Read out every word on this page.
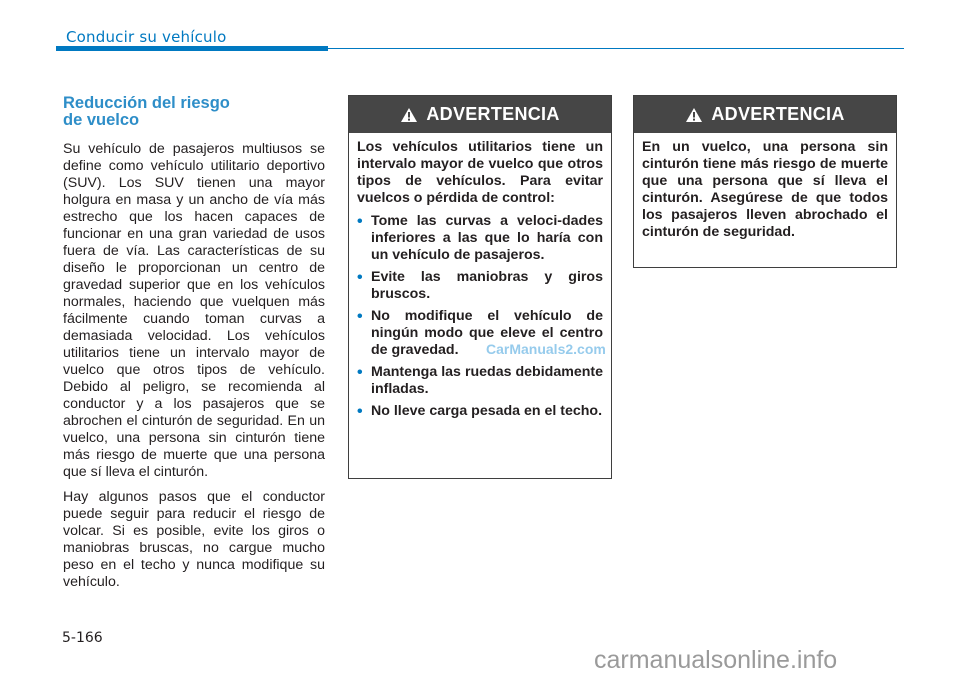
Conducir su vehículo
Reducción del riesgo
de vuelco

Su vehículo de pasajeros multiusos se define como vehículo utilitario deportivo (SUV). Los SUV tienen una mayor holgura en masa y un ancho de vía más estrecho que los hacen capaces de funcionar en una gran variedad de usos fuera de vía. Las características de su diseño le proporcionan un centro de gravedad superior que en los vehículos normales, haciendo que vuelquen más fácilmente cuando toman curvas a demasiada velocidad. Los vehículos utilitarios tiene un intervalo mayor de vuelco que otros tipos de vehículo. Debido al peligro, se recomienda al conductor y a los pasajeros que se abrochen el cinturón de seguridad. En un vuelco, una persona sin cinturón tiene más riesgo de muerte que una persona que sí lleva el cinturón.

Hay algunos pasos que el conductor puede seguir para reducir el riesgo de volcar. Si es posible, evite los giros o maniobras bruscas, no cargue mucho peso en el techo y nunca modifique su vehículo.

ADVERTENCIA

Los vehículos utilitarios tiene un intervalo mayor de vuelco que otros tipos de vehículos. Para evitar vuelcos o pérdida de control:

• Tome las curvas a veloci-dades inferiores a las que lo haría con un vehículo de pasajeros.
• Evite las maniobras y giros bruscos.
• No modifique el vehículo de ningún modo que eleve el centro de gravedad.
• Mantenga las ruedas debidamente infladas.
• No lleve carga pesada en el techo.
ADVERTENCIA

En un vuelco, una persona sin cinturón tiene más riesgo de muerte que una persona que sí lleva el cinturón. Asegúrese de que todos los pasajeros lleven abrochado el cinturón de seguridad.

CarManuals2.com
5-166
carmanualsonline.info
